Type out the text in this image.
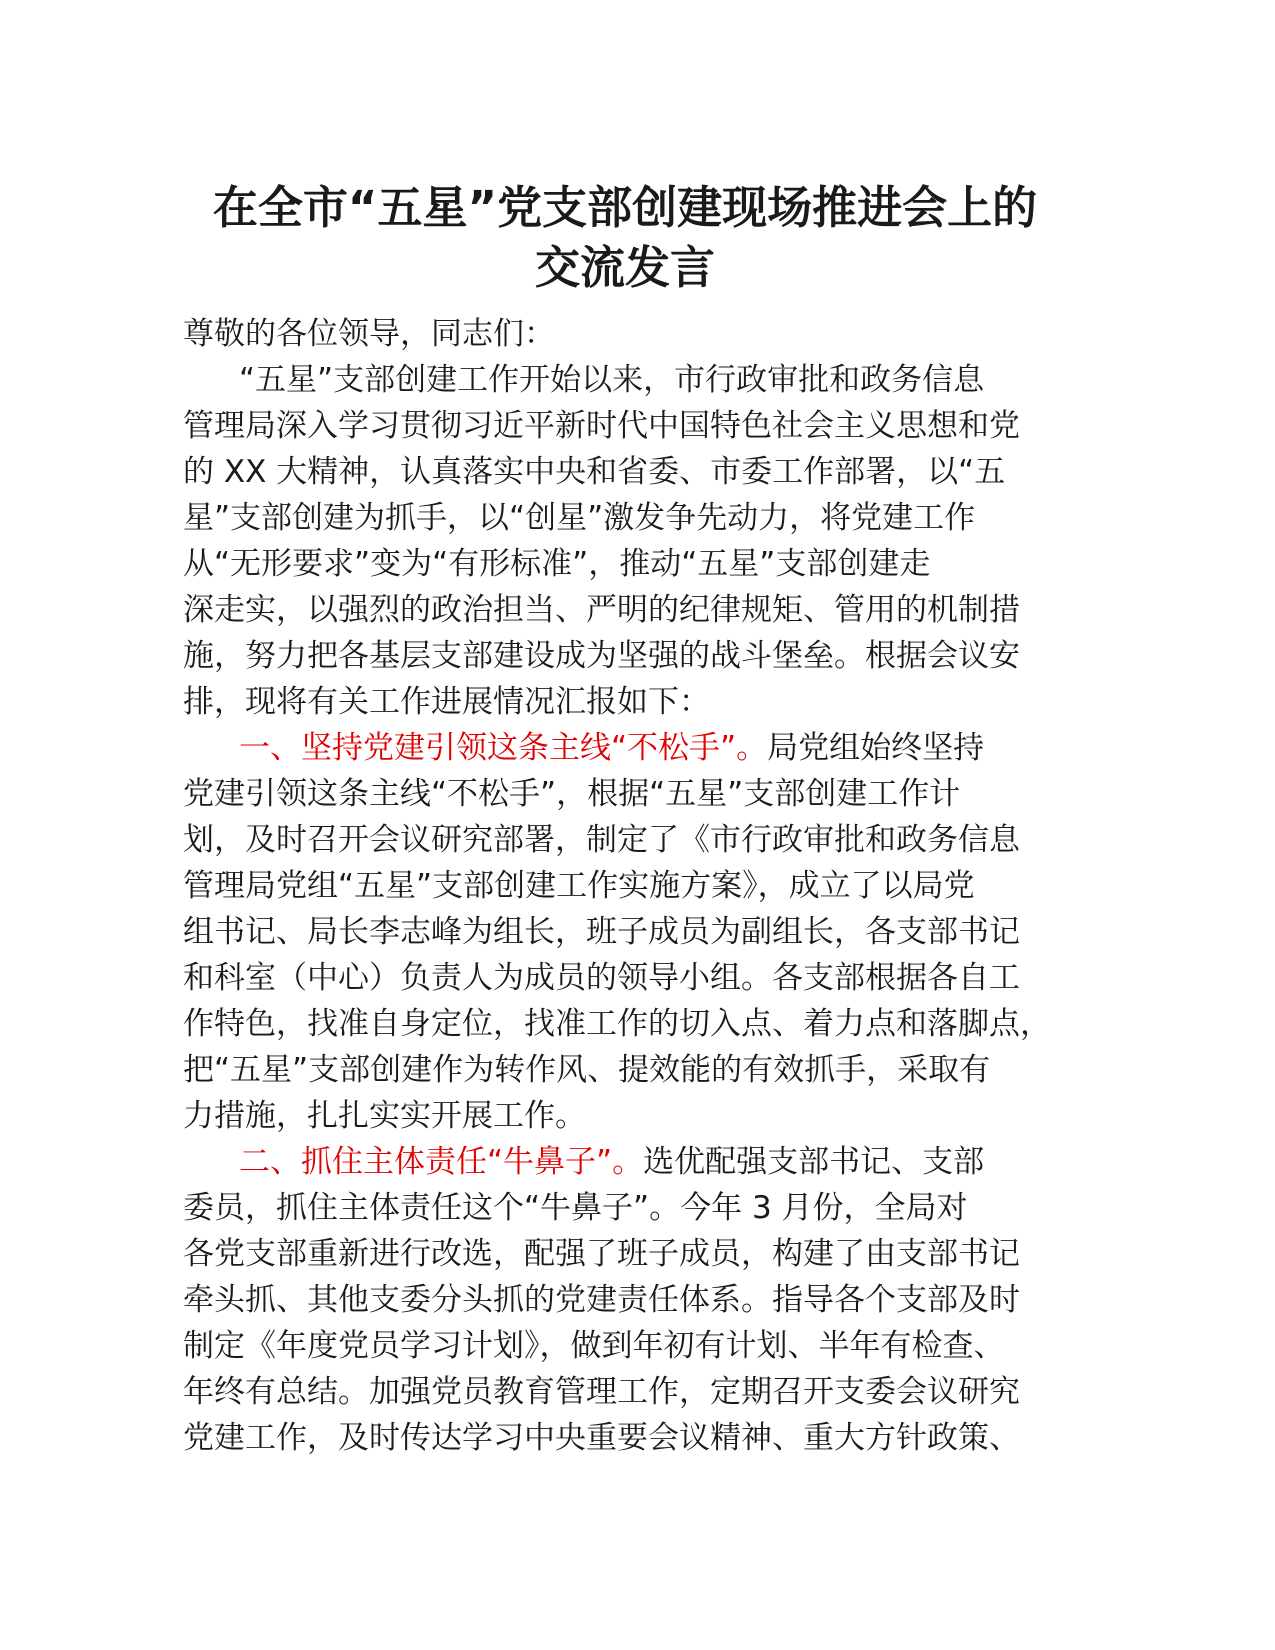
在全市“五星”党支部创建现场推进会上的
交流发言
尊敬的各位领导，同志们：
“五星”支部创建工作开始以来，市行政审批和政务信息
管理局深入学习贯彻习近平新时代中国特色社会主义思想和党
的 XX 大精神，认真落实中央和省委、市委工作部署，以“五
星”支部创建为抓手，以“创星”激发争先动力，将党建工作
从“无形要求”变为“有形标准”，推动“五星”支部创建走
深走实，以强烈的政治担当、严明的纪律规矩、管用的机制措
施，努力把各基层支部建设成为坚强的战斗堡垒。根据会议安
排，现将有关工作进展情况汇报如下：
一、坚持党建引领这条主线“不松手”。局党组始终坚持
党建引领这条主线“不松手”，根据“五星”支部创建工作计
划，及时召开会议研究部署，制定了《市行政审批和政务信息
管理局党组“五星”支部创建工作实施方案》，成立了以局党
组书记、局长李志峰为组长，班子成员为副组长，各支部书记
和科室（中心）负责人为成员的领导小组。各支部根据各自工
作特色，找准自身定位，找准工作的切入点、着力点和落脚点，
把“五星”支部创建作为转作风、提效能的有效抓手，采取有
力措施，扎扎实实开展工作。
二、抓住主体责任“牛鼻子”。选优配强支部书记、支部
委员，抓住主体责任这个“牛鼻子”。今年 3 月份，全局对
各党支部重新进行改选，配强了班子成员，构建了由支部书记
牵头抓、其他支委分头抓的党建责任体系。指导各个支部及时
制定《年度党员学习计划》，做到年初有计划、半年有检查、
年终有总结。加强党员教育管理工作，定期召开支委会议研究
党建工作，及时传达学习中央重要会议精神、重大方针政策、
